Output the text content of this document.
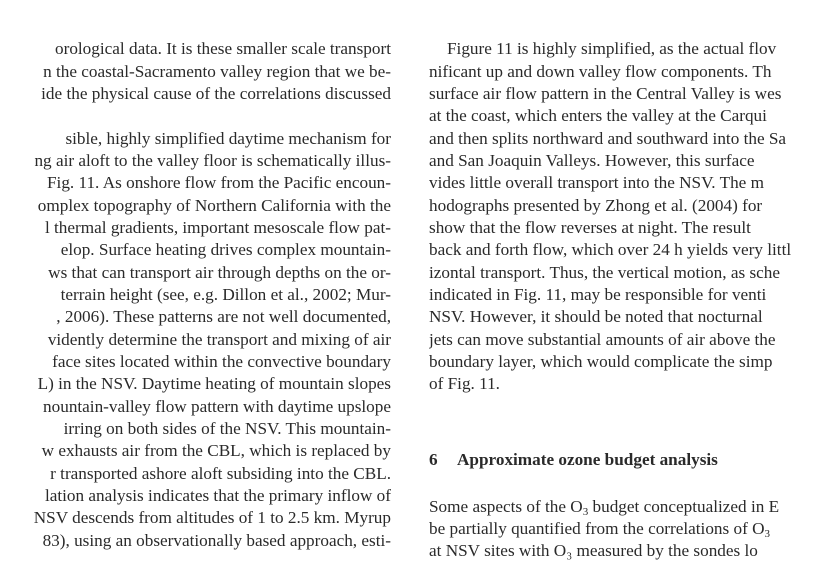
orological data. It is these smaller scale transport
n the coastal-Sacramento valley region that we be-
ide the physical cause of the correlations discussed
sible, highly simplified daytime mechanism for
ng air aloft to the valley floor is schematically illus-
Fig. 11. As onshore flow from the Pacific encoun-
omplex topography of Northern California with the
l thermal gradients, important mesoscale flow pat-
elop. Surface heating drives complex mountain-
ws that can transport air through depths on the or-
terrain height (see, e.g. Dillon et al., 2002; Mur-
, 2006). These patterns are not well documented,
vidently determine the transport and mixing of air
face sites located within the convective boundary
L) in the NSV. Daytime heating of mountain slopes
nountain-valley flow pattern with daytime upslope
irring on both sides of the NSV. This mountain-
w exhausts air from the CBL, which is replaced by
r transported ashore aloft subsiding into the CBL.
lation analysis indicates that the primary inflow of
NSV descends from altitudes of 1 to 2.5 km. Myrup
83), using an observationally based approach, esti-
Figure 11 is highly simplified, as the actual flov
nificant up and down valley flow components. Th
surface air flow pattern in the Central Valley is wes
at the coast, which enters the valley at the Carqui
and then splits northward and southward into the Sa
and San Joaquin Valleys. However, this surface
vides little overall transport into the NSV. The m
hodographs presented by Zhong et al. (2004) for
show that the flow reverses at night. The result
back and forth flow, which over 24 h yields very littl
izontal transport. Thus, the vertical motion, as sche
indicated in Fig. 11, may be responsible for venti
NSV. However, it should be noted that nocturnal
jets can move substantial amounts of air above the
boundary layer, which would complicate the simp
of Fig. 11.
6 Approximate ozone budget analysis
Some aspects of the $O_3$ budget conceptualized in E
be partially quantified from the correlations of $O_3$
at NSV sites with O₃ measured by the sondes lo
